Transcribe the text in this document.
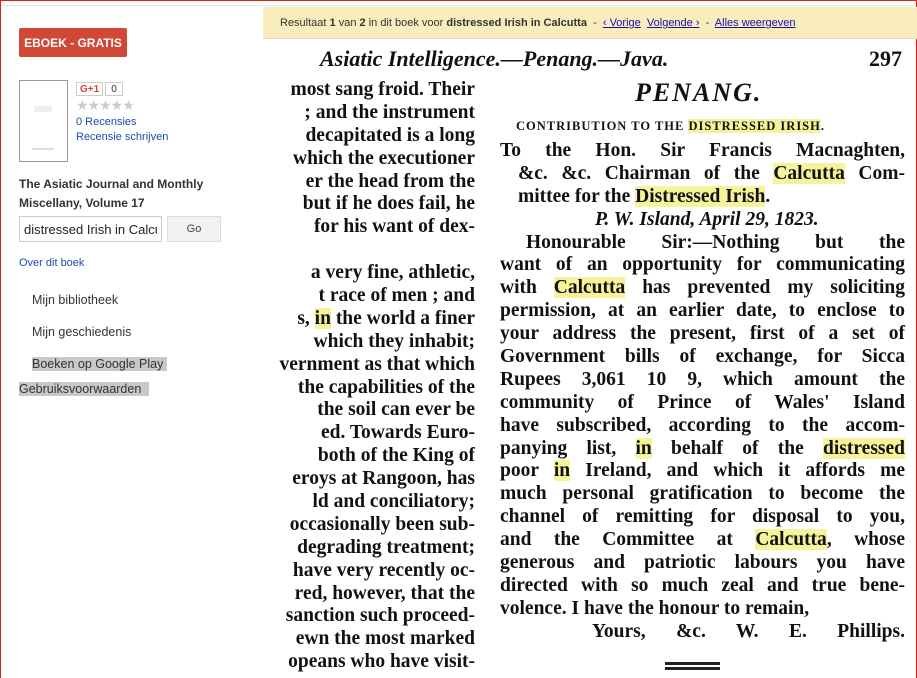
EBOEK - GRATIS
G+1	0
★★★★★
0 Recensies
Recensie schrijven
The Asiatic Journal and Monthly Miscellany, Volume 17
distressed Irish in Calcutta
Go
Over dit boek
Mijn bibliotheek
Mijn geschiedenis
Boeken op Google Play
Gebruiksvoorwaarden
Resultaat 1 van 2 in dit boek voor distressed Irish in Calcutta  -  ‹ Vorige Volgende ›  -  Alles weergeven
Asiatic Intelligence.—Penang.—Java.	297
most sang froid. Their
; and the instrument
decapitated is a long
which the executioner
er the head from the
but if he does fail, he
for his want of dex-

a very fine, athletic,
t race of men ; and
s, in the world a finer
which they inhabit;
vernment as that which
the capabilities of the
the soil can ever be
ed. Towards Euro-
both of the King of
eroys at Rangoon, has
ld and conciliatory;
occasionally been sub-
degrading treatment;
have very recently oc-
red, however, that the
sanction such proceed-
ewn the most marked
opeans who have visit-
PENANG.
CONTRIBUTION TO THE DISTRESSED IRISH.
To the Hon. Sir Francis Macnaghten,
&c. &c. Chairman of the Calcutta Com-
mittee for the Distressed Irish.
P. W. Island, April 29, 1823.
Honourable Sir:—Nothing but the
want of an opportunity for communicating
with Calcutta has prevented my soliciting
permission, at an earlier date, to enclose to
your address the present, first of a set of
Government bills of exchange, for Sicca
Rupees 3,061 10 9, which amount the
community of Prince of Wales' Island
have subscribed, according to the accom-
panying list, in behalf of the distressed
poor in Ireland, and which it affords me
much personal gratification to become the
channel of remitting for disposal to you,
and the Committee at Calcutta, whose
generous and patriotic labours you have
directed with so much zeal and true bene-
volence. I have the honour to remain,
Yours, &c. W. E. Phillips.
